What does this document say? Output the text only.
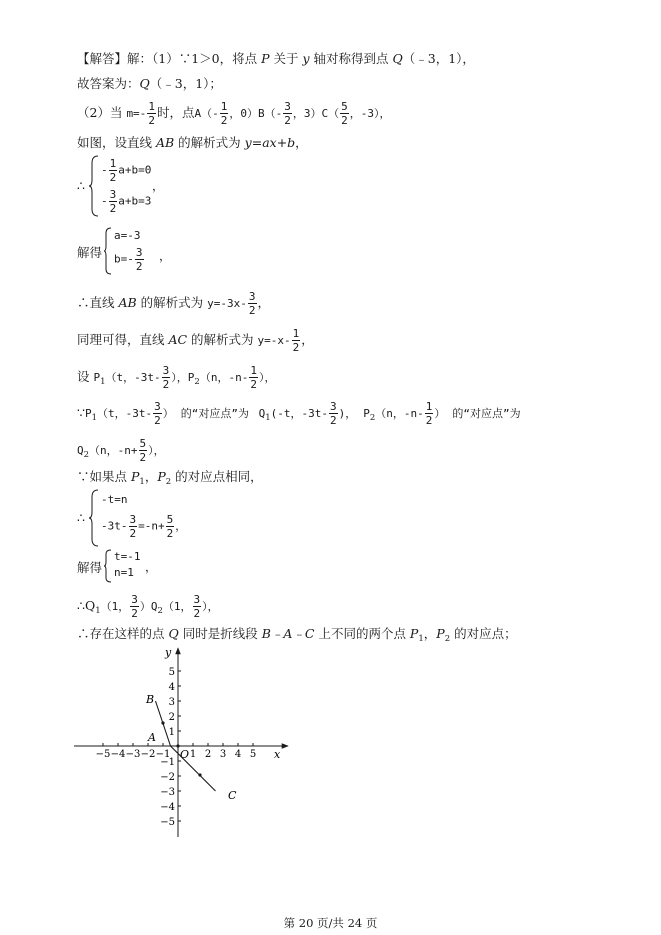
【解答】解：（1）∵1＞0，将点 P 关于 y 轴对称得到点 Q（﹣3，1），
故答案为：Q（﹣3，1）；
（2）当 $m=- \frac{1}{2}$ 时，点$A(- \frac{1}{2}$ ，$0)B(- \frac{3}{2}$ ，$3)C( \frac{5}{2}$ ，-3），
如图，设直线 AB 的解析式为 y=ax+b，
∴
- $\frac{1}{2} a+b=0$
- $\frac{3}{2} a+b=3$
，
解得
a=-3
$b=- \frac{3}{2}$ ，
∴直线 AB 的解析式为 $y=-3x- \frac{3}{2}$ ，
同理可得，直线 AC 的解析式为 $y=-x- \frac{1}{2}$ ，
设 $P_1(t$，$-3t- \frac{3}{2}$ ），$P_2(n$，$-n- \frac{1}{2}$ ），
$\because P_1(t$，$-3t- \frac{3}{2}$ ） 的“对应点”为 $Q_1(-t$，$-3t- \frac{3}{2}$ )， $P_2(n$，$-n- \frac{1}{2}$ ） 的“对应点”为
$Q_2(n$，$-n+ \frac{5}{2}$ ），
∵如果点 $P_1$，$P_2$ 的对应点相同，
∴
-t=n
$-3t- \frac{3}{2} =-n+ \frac{5}{2}$ ，
解得
t=-1
n=1 ，
$\therefore Q_1(1$， $\frac{3}{2} )Q_2(1$， $\frac{3}{2}$ ），
∴存在这样的点 Q 同时是折线段 B﹣A﹣C 上不同的两个点 $P_1$，$P_2$ 的对应点；
−5 −4 −3 −2 −1 1 2 3 4 5
5
4
3
2
1
−1
−2
−3
−4
−5
x
y
O
B
A
C
第 20 页/共 24 页
